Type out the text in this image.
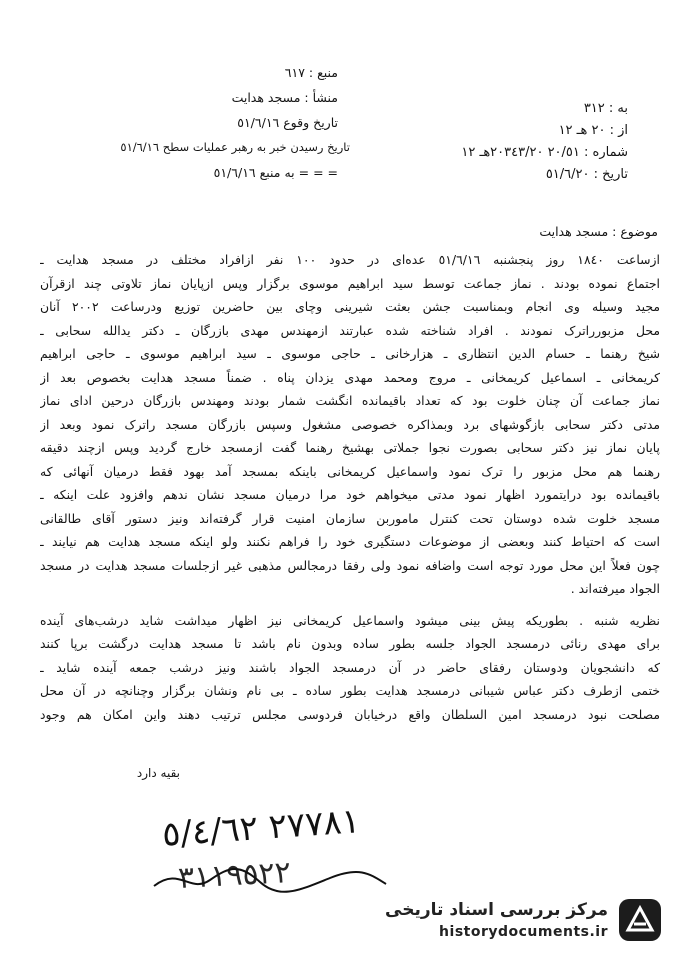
به : ٣١٢
از : ٢٠ هـ ١٢
شماره : ٢٠/٥١ ٢٠٣٤٣/٢٠هـ ١٢
تاریخ : ٥١/٦/٢٠
منبع : ٦١٧
منشأ : مسجد هدایت
تاریخ وقوع ٥١/٦/١٦
تاریخ رسیدن خبر به رهبر عملیات سطح ٥١/٦/١٦
= = = به منبع ٥١/٦/١٦
موضوع : مسجد هدایت
ازساعت ١٨٤٠ روز پنجشنبه ٥١/٦/١٦ عده‌ای در حدود ١٠٠ نفر ازافراد مختلف در مسجد هدایت ـ
اجتماع نموده بودند . نماز جماعت توسط سید ابراهیم موسوی برگزار وپس ازپایان نماز تلاوتی چند ازقرآن
مجید وسیله وی انجام وبمناسبت جشن بعثت شیرینی وچای بین حاضرین توزیع ودرساعت ٢٠٠٢ آنان
محل مزبورراترک نمودند . افراد شناخته شده عبارتند ازمهندس مهدی بازرگان ـ دکتر یدالله سحابی ـ
شیخ رهنما ـ حسام الدین انتظاری ـ هزارخانی ـ حاجی موسوی ـ سید ابراهیم موسوی ـ حاجی ابراهیم
کریمخانی ـ اسماعیل کریمخانی ـ مروج ومحمد مهدی یزدان پناه . ضمناً مسجد هدایت بخصوص بعد از
نماز جماعت آن چنان خلوت بود که تعداد باقیمانده انگشت شمار بودند ومهندس بازرگان درحین ادای نماز
مدتی دکتر سحابی بازگوشهای برد وبمذاکره خصوصی مشغول وسپس بازرگان مسجد راترک نمود وبعد از
پایان نماز نیز دکتر سحابی بصورت نجوا جملاتی بهشیخ رهنما گفت ازمسجد خارج گردید وپس ازچند دقیقه
رهنما هم محل مزبور را ترک نمود واسماعیل کریمخانی باینکه بمسجد آمد بهود فقط درمیان آنهائی که
باقیمانده بود درایتمورد اظهار نمود مدتی میخواهم خود مرا درمیان مسجد نشان ندهم وافزود علت اینکه ـ
مسجد خلوت شده دوستان تحت کنترل ماموربن سازمان امنیت قرار گرفته‌اند ونیز دستور آقای طالقانی
است که احتیاط کنند وبعضی از موضوعات دستگیری خود را فراهم نکنند ولو اینکه مسجد هدایت هم نیایند ـ
چون فعلاً این محل مورد توجه است واضافه نمود ولی رفقا درمجالس مذهبی غیر ازجلسات مسجد هدایت در مسجد
الجواد میرفته‌اند .
نظریه شنبه . بطوریکه پیش بینی میشود واسماعیل کریمخانی نیز اظهار میداشت شاید درشب‌های آینده
برای مهدی رنائی درمسجد الجواد جلسه بطور ساده وبدون نام باشد تا مسجد هدایت درگشت برپا کنند
که دانشجویان ودوستان رفقای حاضر در آن درمسجد الجواد باشند ونیز درشب جمعه آینده شاید ـ
ختمی ازطرف دکتر عباس شیبانی درمسجد هدایت بطور ساده ـ بی نام ونشان برگزار وچنانچه در آن محل
مصلحت نبود درمسجد امین السلطان واقع درخیابان فردوسی مجلس ترتیب دهند واین امکان هم وجود
بقیه دارد
٢٧٧٨١ ٥/٤/٦٢
٣١١٩٥٢٢
مرکز بررسی اسناد تاریخی
historydocuments.ir
